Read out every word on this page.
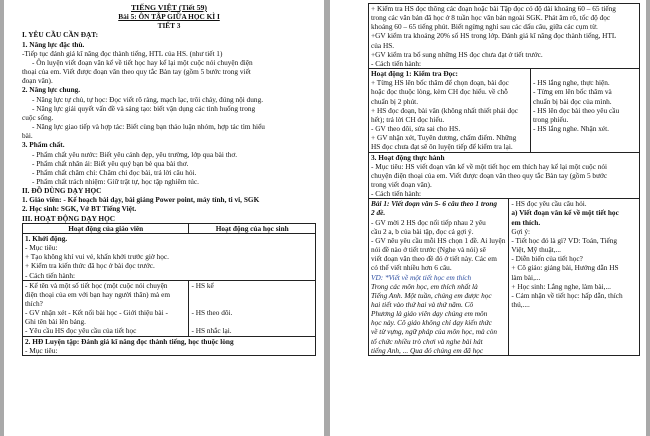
TIẾNG VIỆT (Tiết 59)
Bài 5: ÔN TẬP GIỮA HỌC KÌ I
TIẾT 3
I. YÊU CẦU CẦN ĐẠT:
1. Năng lực đặc thù.
-Tiếp tục đánh giá kĩ năng đọc thành tiếng, HTL của HS. (như tiết 1)
- Ôn luyện viết đoạn văn kể về tiết học hay kể lại một cuộc nói chuyện điện
thoại của em. Viết được đoạn văn theo quy tắc Bàn tay (gồm 5 bước trong viết
đoạn văn).
2. Năng lực chung.
- Năng lực tự chủ, tự học: Đọc viết rõ ràng, mạch lạc, trôi chảy, đúng nội dung.
- Năng lực giải quyết vấn đề và sáng tạo: biết vận dụng các tình huống trong
cuộc sống.
- Năng lực giao tiếp và hợp tác: Biết cùng bạn thảo luận nhóm, hợp tác tìm hiểu
bài.
3. Phẩm chất.
- Phẩm chất yêu nước: Biết yêu cảnh đẹp, yêu trường, lớp qua bài thơ.
- Phẩm chất nhân ái: Biết yêu quý bạn bè qua bài thơ.
- Phẩm chất chăm chỉ: Chăm chỉ đọc bài, trả lời câu hỏi.
- Phẩm chất trách nhiệm: Giữ trật tự, học tập nghiêm túc.
II. ĐỒ DÙNG DẠY HỌC
1. Giáo viên: - Kế hoạch bài dạy, bài giảng Power point, máy tính, ti vi, SGK
2. Học sinh: SGK, Vở BT Tiếng Việt.
III. HOẠT ĐỘNG DẠY HỌC
Hoạt động của giáo viên	Hoạt động của học sinh
1. Khởi động.
- Mục tiêu:
+ Tạo không khí vui vẻ, khấn khởi trước giờ học.
+ Kiểm tra kiến thức đã học ở bài đọc trước.
- Cách tiến hành:
- Kể tên và một số tiết học (một cuộc nói chuyện
điện thoại của em với bạn hay người thân) mà em
thích?
- GV nhận xét - Kết nối bài học - Giới thiệu bài -
Ghi tên bài lên bảng.
- Yêu cầu HS đọc yêu cầu của tiết học
- HS kể

- HS theo dõi.

- HS nhắc lại.
2. HĐ Luyện tập: Đánh giá kĩ năng đọc thành tiếng, học thuộc lòng
- Mục tiêu:
+ Kiểm tra HS đọc thông các đoạn hoặc bài Tập đọc có độ dài khoảng 60 – 65 tiếng
trong các văn bản đã học ở 8 tuần học văn bản ngoài SGK. Phát âm rõ, tốc độ đọc
khoảng 60 – 65 tiếng phút. Biết ngừng nghỉ sau các dấu câu, giữa các cụm từ.
+GV kiểm tra khoảng 20% số HS trong lớp. Đánh giá kĩ năng đọc thành tiếng, HTL
của HS.
+GV kiểm tra bổ sung những HS đọc chưa đạt ở tiết trước.
- Cách tiến hành:
Hoạt động 1: Kiểm tra Đọc:
+ Từng HS lên bốc thăm để chọn đoạn, bài đọc
hoặc đọc thuộc lòng, kèm CH đọc hiểu. về chỗ
chuẩn bị 2 phút.
+ HS đọc đoạn, bài văn (không nhất thiết phải đọc
hết); trả lời CH đọc hiểu.
- GV theo dõi, sửa sai cho HS.
+ GV nhận xét, Tuyên dương, chấm điểm. Những
HS đọc chưa đạt sẽ ôn luyện tiếp để kiểm tra lại.

- HS lắng nghe, thực hiện.
- Từng em lên bốc thăm và
chuẩn bị bài đọc của mình.
- HS lên đọc bài theo yêu cầu
trong phiếu.
- HS lắng nghe. Nhận xét.

3. Hoạt động thực hành
- Mục tiêu: HS viết đoạn văn kể về một tiết học em thích hay kể lại một cuộc nói
chuyện điện thoại của em. Viết được đoạn văn theo quy tắc Bàn tay (gồm 5 bước
trong viết đoạn văn).
- Cách tiến hành:
Bài 1: Viết đoạn văn 5- 6 câu theo 1 trong
2 đề.
- GV mời 2 HS đọc nối tiếp nhau 2 yêu
cầu 2 a, b của bài tập, đọc cả gợi ý.
- GV nêu yêu cầu mỗi HS chọn 1 đề. Ai luyện
nói đề nào ở tiết trước (Nghe và nói) sẽ
viết đoạn văn theo đề đó ở tiết này. Các em
có thể viết nhiều hơn 6 câu.
VD: *Viết về một tiết học em thích
Trong các môn học, em thích nhất là
Tiếng Anh. Một tuần, chúng em được học
hai tiết vào thứ hai và thứ năm. Cô
Phương là giáo viên dạy chúng em môn
học này. Cô giáo không chỉ dạy kiến thức
về từ vựng, ngữ pháp của môn học, mà còn
tổ chức nhiều trò chơi và nghe bài hát
tiếng Anh, ... Qua đó chúng em đã học
- HS đọc yêu cầu câu hỏi.
a) Viết đoạn văn kể về một tiết học
em thích.
Gợi ý:
- Tiết học đó là gì? VD: Toán, Tiếng
Việt, Mỹ thuật,...
- Diễn biến của tiết học?
+ Cô giáo: giảng bài, Hướng dẫn HS
làm bài,...
+ Học sinh: Lắng nghe, làm bài,...
- Cảm nhận về tiết học: hấp dẫn, thích
thú,....
